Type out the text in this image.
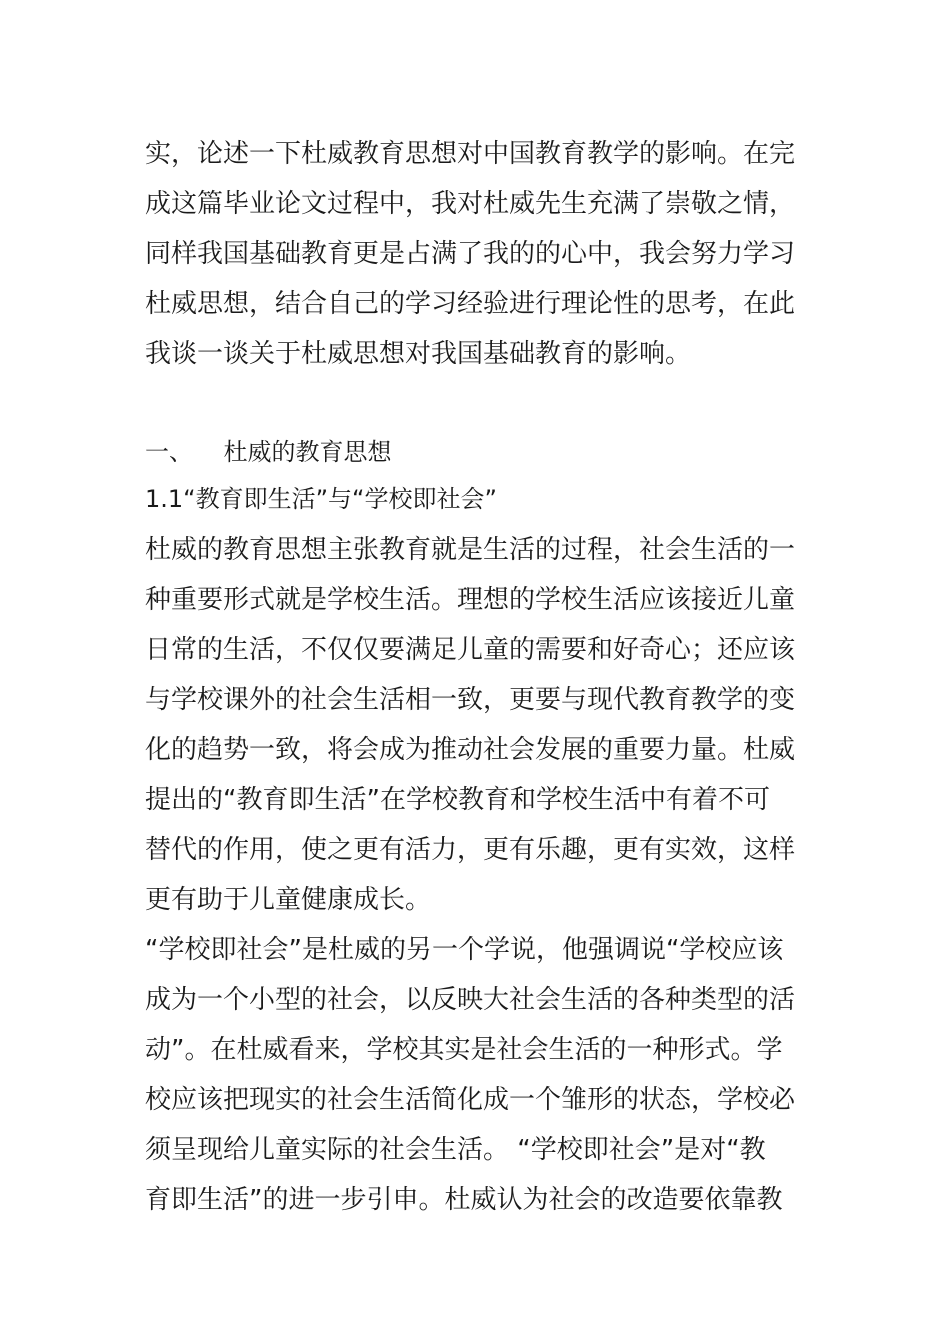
实，论述一下杜威教育思想对中国教育教学的影响。在完
成这篇毕业论文过程中，我对杜威先生充满了崇敬之情，
同样我国基础教育更是占满了我的的心中，我会努力学习
杜威思想，结合自己的学习经验进行理论性的思考，在此
我谈一谈关于杜威思想对我国基础教育的影响。
一、    杜威的教育思想
1.1“教育即生活”与“学校即社会”
杜威的教育思想主张教育就是生活的过程，社会生活的一
种重要形式就是学校生活。理想的学校生活应该接近儿童
日常的生活，不仅仅要满足儿童的需要和好奇心；还应该
与学校课外的社会生活相一致，更要与现代教育教学的变
化的趋势一致，将会成为推动社会发展的重要力量。杜威
提出的“教育即生活”在学校教育和学校生活中有着不可
替代的作用，使之更有活力，更有乐趣，更有实效，这样
更有助于儿童健康成长。
“学校即社会”是杜威的另一个学说，他强调说“学校应该
成为一个小型的社会，以反映大社会生活的各种类型的活
动”。在杜威看来，学校其实是社会生活的一种形式。学
校应该把现实的社会生活简化成一个雏形的状态，学校必
须呈现给儿童实际的社会生活。 “学校即社会”是对“教
育即生活”的进一步引申。杜威认为社会的改造要依靠教
